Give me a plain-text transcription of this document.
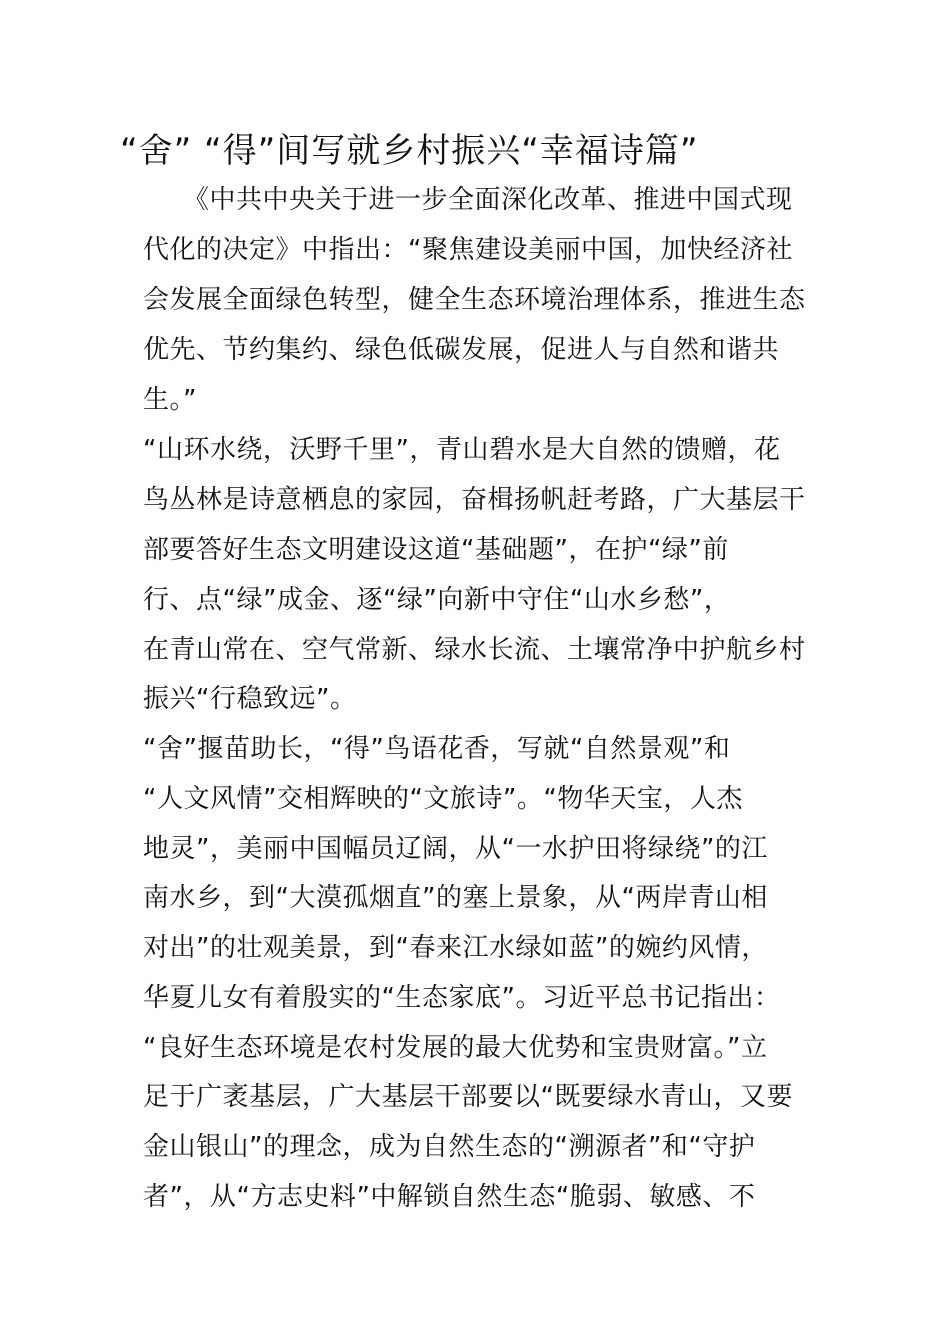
“舍” “得”间写就乡村振兴“幸福诗篇”
　　《中共中央关于进一步全面深化改革、推进中国式现
代化的决定》中指出：“聚焦建设美丽中国，加快经济社
会发展全面绿色转型，健全生态环境治理体系，推进生态
优先、节约集约、绿色低碳发展，促进人与自然和谐共
生。”
“山环水绕，沃野千里”，青山碧水是大自然的馈赠，花
鸟丛林是诗意栖息的家园，奋楫扬帆赶考路，广大基层干
部要答好生态文明建设这道“基础题”，在护“绿”前
行、点“绿”成金、逐“绿”向新中守住“山水乡愁”，
在青山常在、空气常新、绿水长流、土壤常净中护航乡村
振兴“行稳致远”。
“舍”揠苗助长，“得”鸟语花香，写就“自然景观”和
“人文风情”交相辉映的“文旅诗”。“物华天宝，人杰
地灵”，美丽中国幅员辽阔，从“一水护田将绿绕”的江
南水乡，到“大漠孤烟直”的塞上景象，从“两岸青山相
对出”的壮观美景，到“春来江水绿如蓝”的婉约风情，
华夏儿女有着殷实的“生态家底”。习近平总书记指出：
“良好生态环境是农村发展的最大优势和宝贵财富。”立
足于广袤基层，广大基层干部要以“既要绿水青山，又要
金山银山”的理念，成为自然生态的“溯源者”和“守护
者”，从“方志史料”中解锁自然生态“脆弱、敏感、不
